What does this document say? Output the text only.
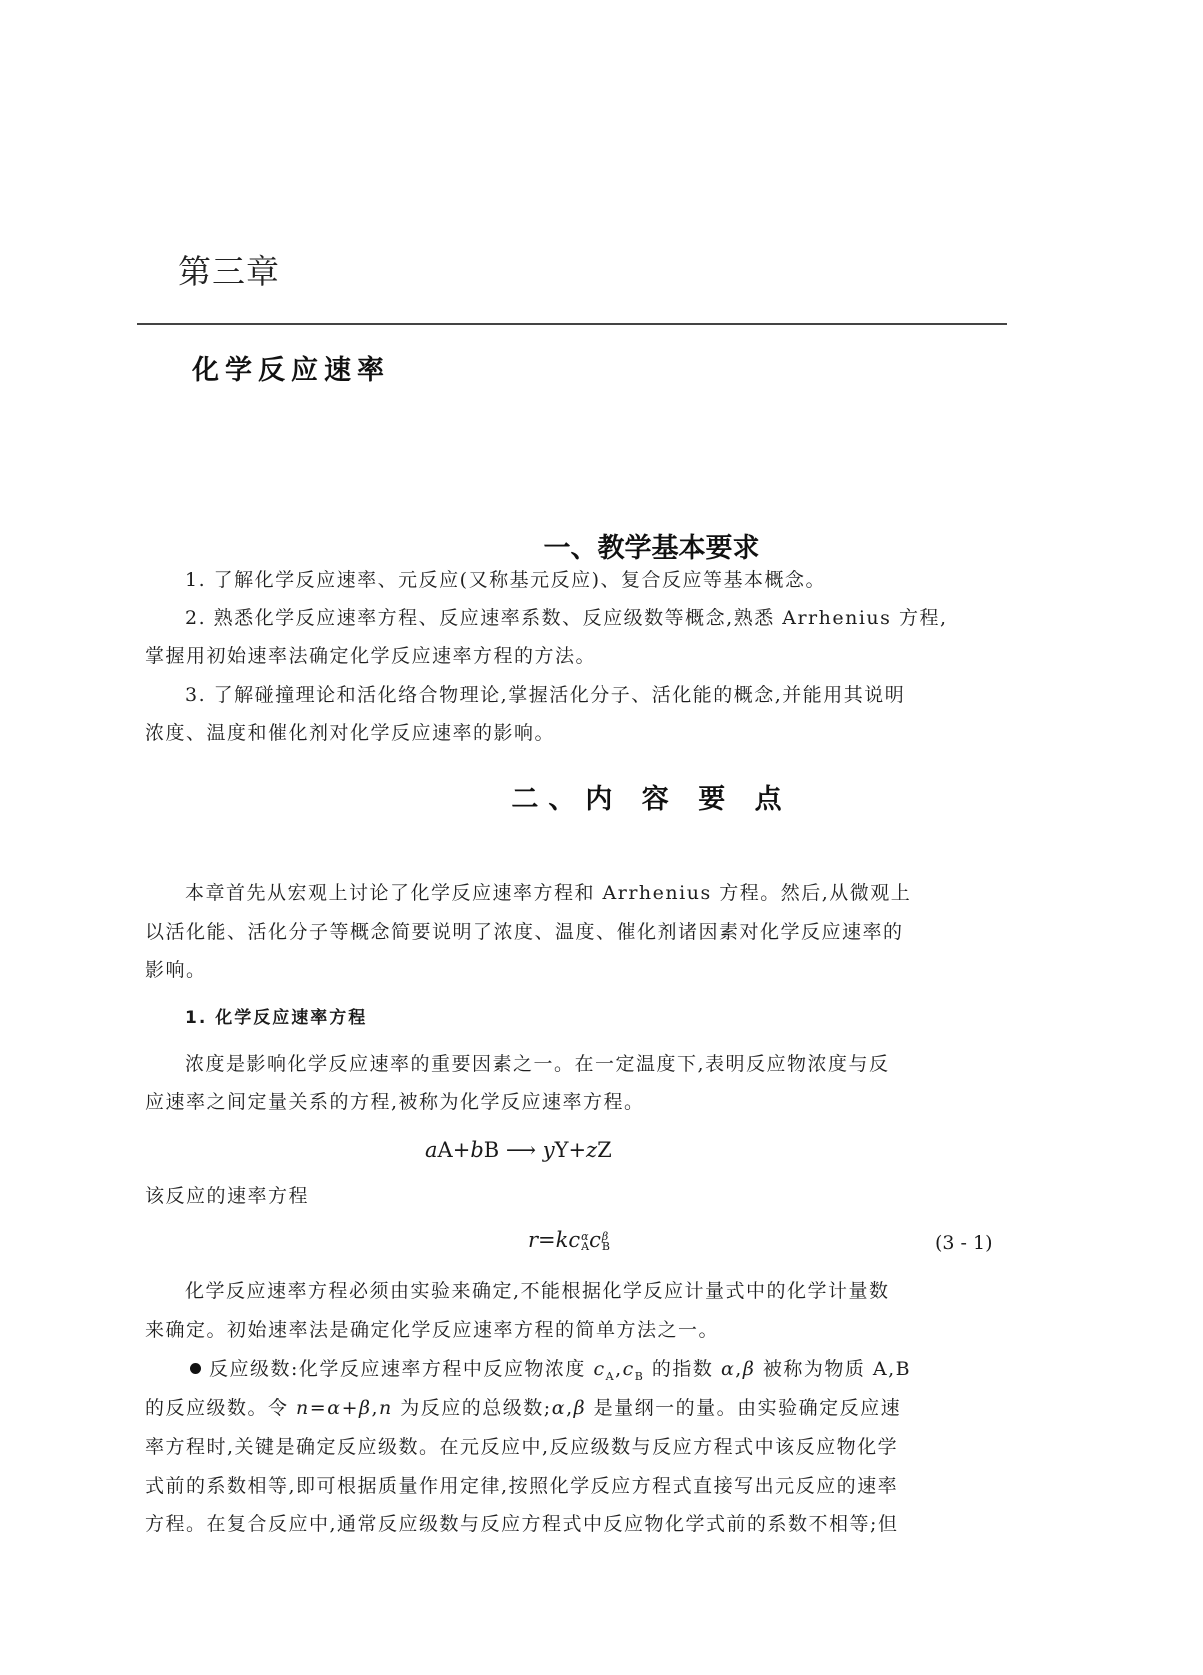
第三章
化学反应速率
一、教学基本要求
1. 了解化学反应速率、元反应(又称基元反应)、复合反应等基本概念。
2. 熟悉化学反应速率方程、反应速率系数、反应级数等概念,熟悉 Arrhenius 方程,
掌握用初始速率法确定化学反应速率方程的方法。
3. 了解碰撞理论和活化络合物理论,掌握活化分子、活化能的概念,并能用其说明
浓度、温度和催化剂对化学反应速率的影响。
二、内 容 要 点
本章首先从宏观上讨论了化学反应速率方程和 Arrhenius 方程。然后,从微观上
以活化能、活化分子等概念简要说明了浓度、温度、催化剂诸因素对化学反应速率的
影响。
1. 化学反应速率方程
浓度是影响化学反应速率的重要因素之一。在一定温度下,表明反应物浓度与反
应速率之间定量关系的方程,被称为化学反应速率方程。
aA+bB ⟶ yY+zZ
该反应的速率方程
r=kc α
A c β
B	(3 - 1)
化学反应速率方程必须由实验来确定,不能根据化学反应计量式中的化学计量数
来确定。初始速率法是确定化学反应速率方程的简单方法之一。
反应级数:化学反应速率方程中反应物浓度 $c_A,c_B$ 的指数 α,β 被称为物质 A,B
的反应级数。令 n=α+β,n 为反应的总级数;α,β 是量纲一的量。由实验确定反应速
率方程时,关键是确定反应级数。在元反应中,反应级数与反应方程式中该反应物化学
式前的系数相等,即可根据质量作用定律,按照化学反应方程式直接写出元反应的速率
方程。在复合反应中,通常反应级数与反应方程式中反应物化学式前的系数不相等;但
